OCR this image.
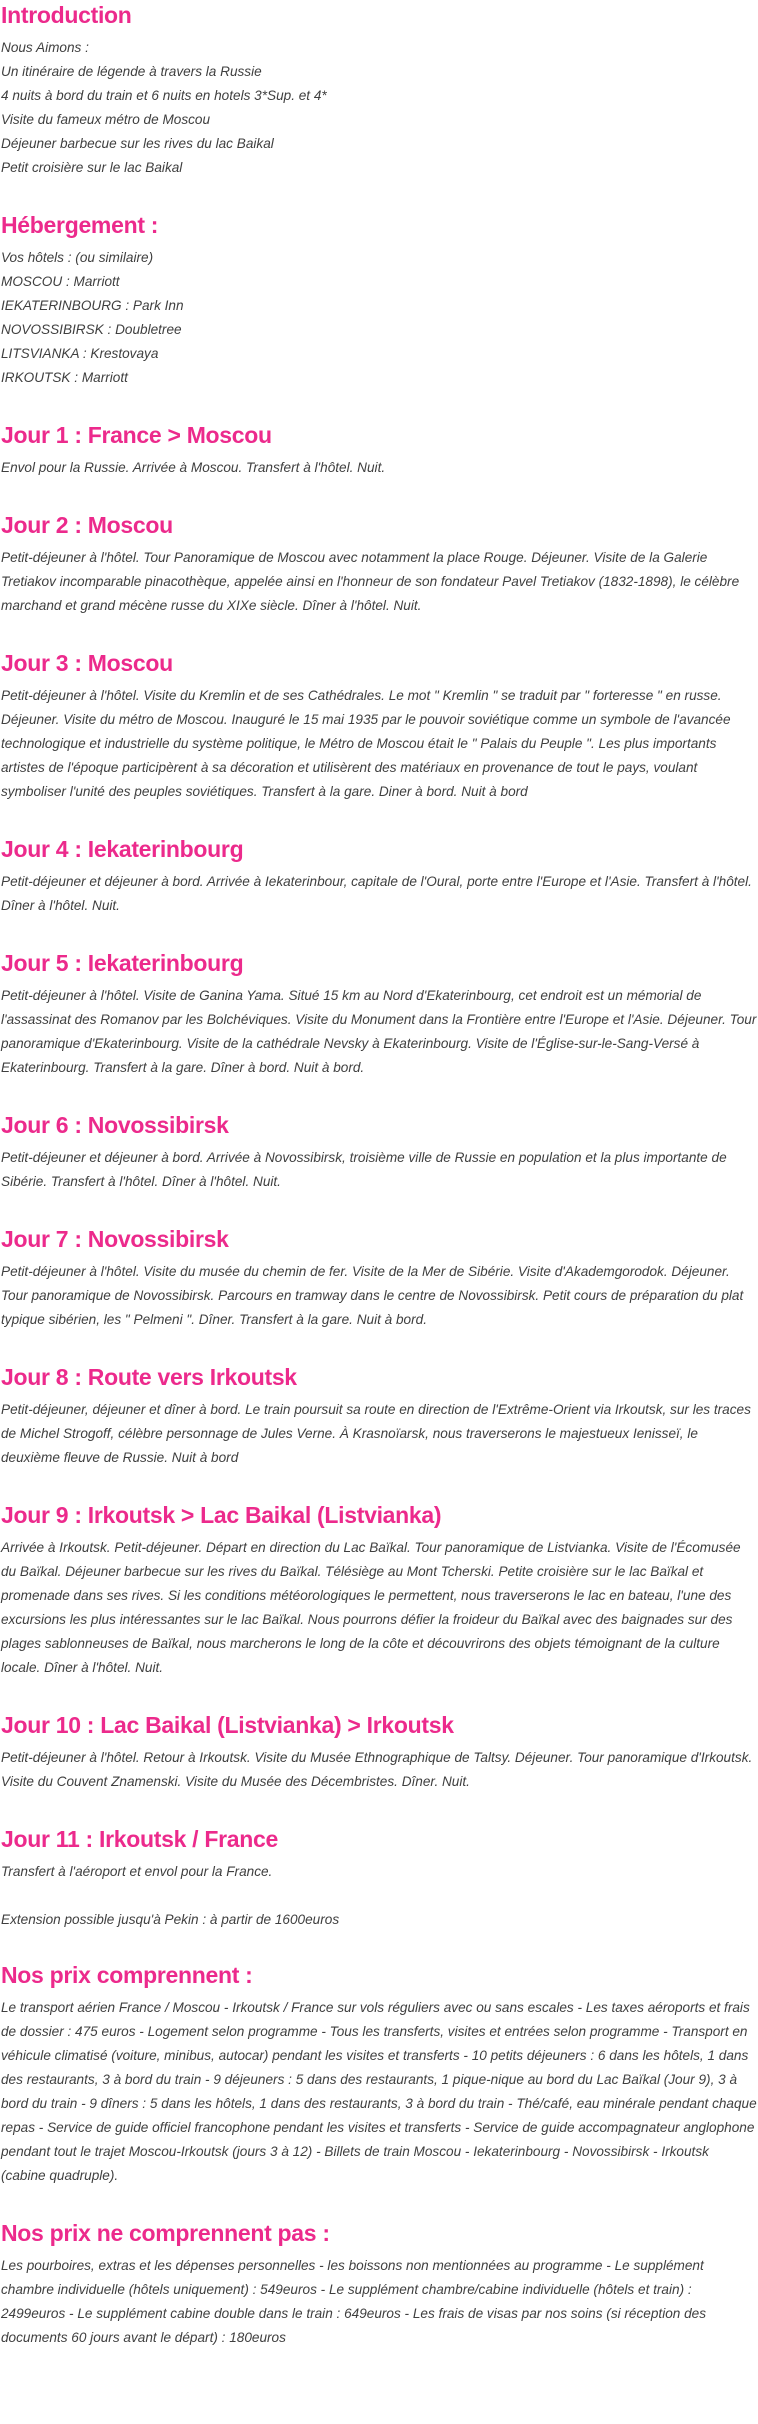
Introduction
Nous Aimons :
Un itinéraire de légende à travers la Russie
4 nuits à bord du train et 6 nuits en hotels 3*Sup. et 4*
Visite du fameux métro de Moscou
Déjeuner barbecue sur les rives du lac Baikal
Petit croisière sur le lac Baikal
Hébergement :
Vos hôtels : (ou similaire)
MOSCOU : Marriott
IEKATERINBOURG : Park Inn
NOVOSSIBIRSK : Doubletree
LITSVIANKA : Krestovaya
IRKOUTSK : Marriott
Jour 1 : France > Moscou
Envol pour la Russie. Arrivée à Moscou. Transfert à l'hôtel. Nuit.
Jour 2 : Moscou
Petit-déjeuner à l'hôtel. Tour Panoramique de Moscou avec notamment la place Rouge. Déjeuner. Visite de la Galerie Tretiakov incomparable pinacothèque, appelée ainsi en l'honneur de son fondateur Pavel Tretiakov (1832-1898), le célèbre marchand et grand mécène russe du XIXe siècle. Dîner à l'hôtel. Nuit.
Jour 3 : Moscou
Petit-déjeuner à l'hôtel. Visite du Kremlin et de ses Cathédrales. Le mot " Kremlin " se traduit par " forteresse " en russe. Déjeuner. Visite du métro de Moscou. Inauguré le 15 mai 1935 par le pouvoir soviétique comme un symbole de l'avancée technologique et industrielle du système politique, le Métro de Moscou était le " Palais du Peuple ". Les plus importants artistes de l'époque participèrent à sa décoration et utilisèrent des matériaux en provenance de tout le pays, voulant symboliser l'unité des peuples soviétiques. Transfert à la gare. Diner à bord. Nuit à bord
Jour 4 : Iekaterinbourg
Petit-déjeuner et déjeuner à bord. Arrivée à Iekaterinbour, capitale de l'Oural, porte entre l'Europe et l'Asie. Transfert à l'hôtel. Dîner à l'hôtel. Nuit.
Jour 5 : Iekaterinbourg
Petit-déjeuner à l'hôtel. Visite de Ganina Yama. Situé 15 km au Nord d'Ekaterinbourg, cet endroit est un mémorial de l'assassinat des Romanov par les Bolchéviques. Visite du Monument dans la Frontière entre l'Europe et l'Asie. Déjeuner. Tour panoramique d'Ekaterinbourg. Visite de la cathédrale Nevsky à Ekaterinbourg. Visite de l'Église-sur-le-Sang-Versé à Ekaterinbourg. Transfert à la gare. Dîner à bord. Nuit à bord.
Jour 6 : Novossibirsk
Petit-déjeuner et déjeuner à bord. Arrivée à Novossibirsk, troisième ville de Russie en population et la plus importante de Sibérie. Transfert à l'hôtel. Dîner à l'hôtel. Nuit.
Jour 7 : Novossibirsk
Petit-déjeuner à l'hôtel. Visite du musée du chemin de fer. Visite de la Mer de Sibérie. Visite d'Akademgorodok. Déjeuner. Tour panoramique de Novossibirsk. Parcours en tramway dans le centre de Novossibirsk. Petit cours de préparation du plat typique sibérien, les " Pelmeni ". Dîner. Transfert à la gare. Nuit à bord.
Jour 8 : Route vers Irkoutsk
Petit-déjeuner, déjeuner et dîner à bord. Le train poursuit sa route en direction de l'Extrême-Orient via Irkoutsk, sur les traces de Michel Strogoff, célèbre personnage de Jules Verne. À Krasnoïarsk, nous traverserons le majestueux Ienisseï, le deuxième fleuve de Russie. Nuit à bord
Jour 9 : Irkoutsk > Lac Baikal (Listvianka)
Arrivée à Irkoutsk. Petit-déjeuner. Départ en direction du Lac Baïkal. Tour panoramique de Listvianka. Visite de l'Écomusée du Baïkal. Déjeuner barbecue sur les rives du Baïkal. Télésiège au Mont Tcherski. Petite croisière sur le lac Baïkal et promenade dans ses rives. Si les conditions météorologiques le permettent, nous traverserons le lac en bateau, l'une des excursions les plus intéressantes sur le lac Baïkal. Nous pourrons défier la froideur du Baïkal avec des baignades sur des plages sablonneuses de Baïkal, nous marcherons le long de la côte et découvrirons des objets témoignant de la culture locale. Dîner à l'hôtel. Nuit.
Jour 10 : Lac Baikal (Listvianka) > Irkoutsk
Petit-déjeuner à l'hôtel. Retour à Irkoutsk. Visite du Musée Ethnographique de Taltsy. Déjeuner. Tour panoramique d'Irkoutsk. Visite du Couvent Znamenski. Visite du Musée des Décembristes. Dîner. Nuit.
Jour 11 : Irkoutsk / France
Transfert à l'aéroport et envol pour la France.
Extension possible jusqu'à Pekin : à partir de 1600euros
Nos prix comprennent :
Le transport aérien France / Moscou - Irkoutsk / France sur vols réguliers avec ou sans escales - Les taxes aéroports et frais de dossier : 475 euros - Logement selon programme - Tous les transferts, visites et entrées selon programme - Transport en véhicule climatisé (voiture, minibus, autocar) pendant les visites et transferts - 10 petits déjeuners : 6 dans les hôtels, 1 dans des restaurants, 3 à bord du train - 9 déjeuners : 5 dans des restaurants, 1 pique-nique au bord du Lac Baïkal (Jour 9), 3 à bord du train - 9 dîners : 5 dans les hôtels, 1 dans des restaurants, 3 à bord du train - Thé/café, eau minérale pendant chaque repas - Service de guide officiel francophone pendant les visites et transferts - Service de guide accompagnateur anglophone pendant tout le trajet Moscou-Irkoutsk (jours 3 à 12) - Billets de train Moscou - Iekaterinbourg - Novossibirsk - Irkoutsk (cabine quadruple).
Nos prix ne comprennent pas :
Les pourboires, extras et les dépenses personnelles - les boissons non mentionnées au programme - Le supplément chambre individuelle (hôtels uniquement) : 549euros - Le supplément chambre/cabine individuelle (hôtels et train) : 2499euros - Le supplément cabine double dans le train : 649euros - Les frais de visas par nos soins (si réception des documents 60 jours avant le départ) : 180euros
